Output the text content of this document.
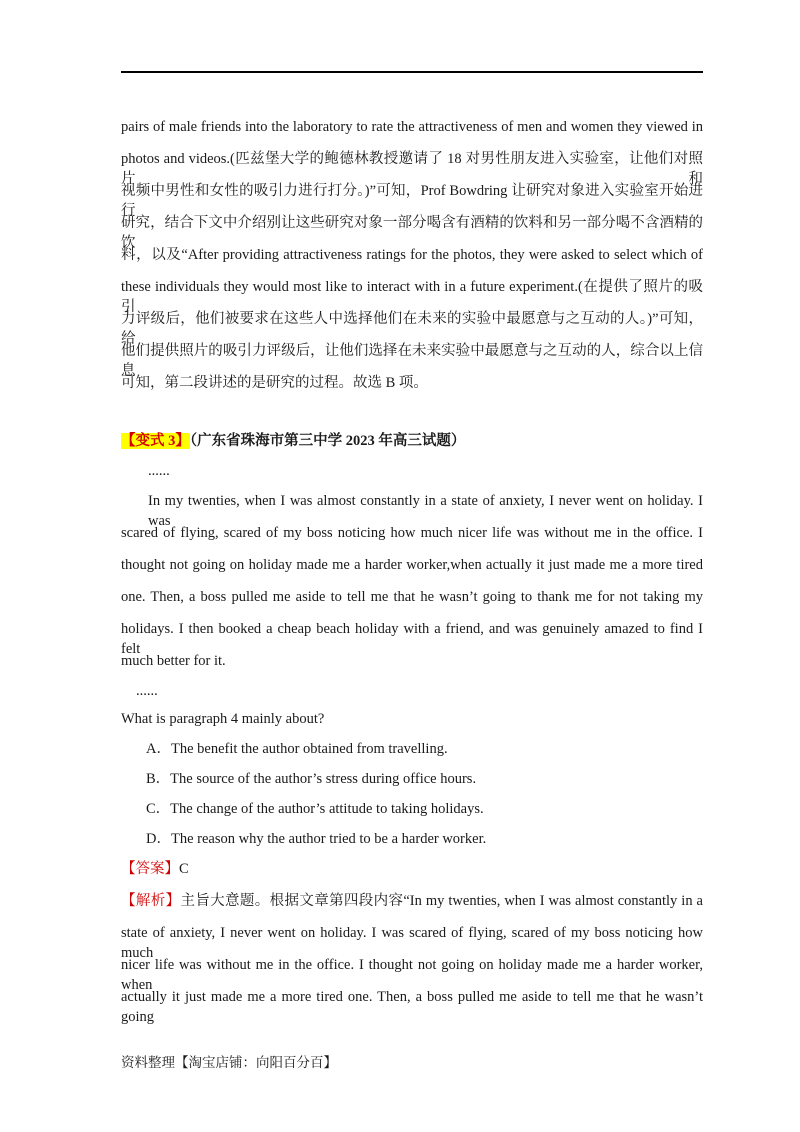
pairs of male friends into the laboratory to rate the attractiveness of men and women they viewed in
photos and videos.(匹兹堡大学的鲍德林教授邀请了 18 对男性朋友进入实验室，让他们对照片和
视频中男性和女性的吸引力进行打分。)”可知，Prof Bowdring 让研究对象进入实验室开始进行
研究，结合下文中介绍别让这些研究对象一部分喝含有酒精的饮料和另一部分喝不含酒精的饮
料，以及“After providing attractiveness ratings for the photos, they were asked to select which of
these individuals they would most like to interact with in a future experiment.(在提供了照片的吸引
力评级后，他们被要求在这些人中选择他们在未来的实验中最愿意与之互动的人。)”可知，给
他们提供照片的吸引力评级后，让他们选择在未来实验中最愿意与之互动的人，综合以上信息
可知，第二段讲述的是研究的过程。故选 B 项。
【变式 3】（广东省珠海市第三中学 2023 年高三试题）
......
In my twenties, when I was almost constantly in a state of anxiety, I never went on holiday. I was
scared of flying, scared of my boss noticing how much nicer life was without me in the office. I
thought not going on holiday made me a harder worker,when actually it just made me a more tired
one. Then, a boss pulled me aside to tell me that he wasn’t going to thank me for not taking my
holidays. I then booked a cheap beach holiday with a friend, and was genuinely amazed to find I felt
much better for it.
......
What is paragraph 4 mainly about?
A．The benefit the author obtained from travelling.
B．The source of the author’s stress during office hours.
C．The change of the author’s attitude to taking holidays.
D．The reason why the author tried to be a harder worker.
【答案】C
【解析】主旨大意题。根据文章第四段内容“In my twenties, when I was almost constantly in a
state of anxiety, I never went on holiday. I was scared of flying, scared of my boss noticing how much
nicer life was without me in the office. I thought not going on holiday made me a harder worker, when
actually it just made me a more tired one. Then, a boss pulled me aside to tell me that he wasn’t going
资料整理【淘宝店铺：向阳百分百】
